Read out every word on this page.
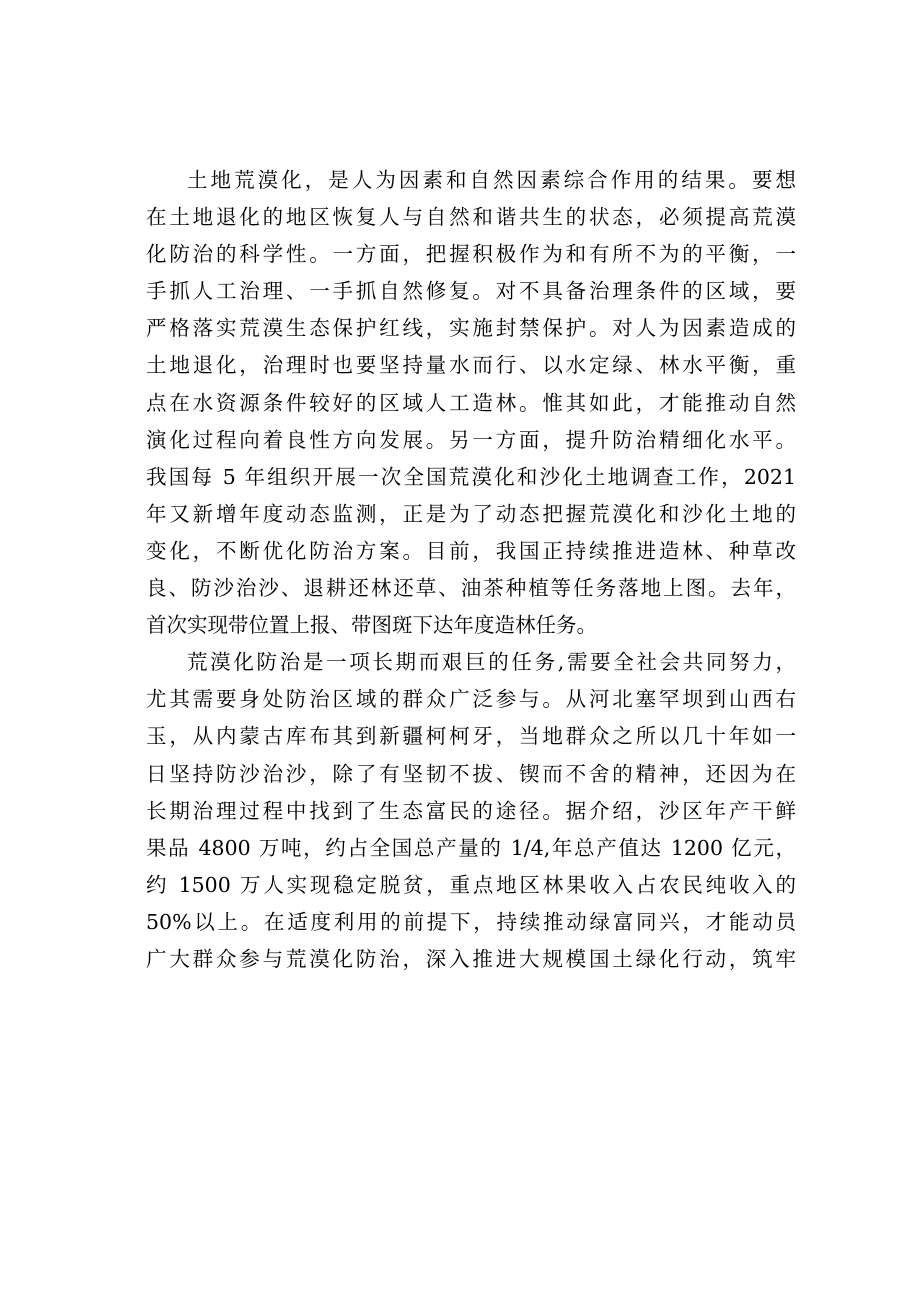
土地荒漠化，是人为因素和自然因素综合作用的结果。要想
在土地退化的地区恢复人与自然和谐共生的状态，必须提高荒漠
化防治的科学性。一方面，把握积极作为和有所不为的平衡，一
手抓人工治理、一手抓自然修复。对不具备治理条件的区域，要
严格落实荒漠生态保护红线，实施封禁保护。对人为因素造成的
土地退化，治理时也要坚持量水而行、以水定绿、林水平衡，重
点在水资源条件较好的区域人工造林。惟其如此，才能推动自然
演化过程向着良性方向发展。另一方面，提升防治精细化水平。
我国每 5 年组织开展一次全国荒漠化和沙化土地调查工作，2021
年又新增年度动态监测，正是为了动态把握荒漠化和沙化土地的
变化，不断优化防治方案。目前，我国正持续推进造林、种草改
良、防沙治沙、退耕还林还草、油茶种植等任务落地上图。去年，
首次实现带位置上报、带图斑下达年度造林任务。
荒漠化防治是一项长期而艰巨的任务,需要全社会共同努力，
尤其需要身处防治区域的群众广泛参与。从河北塞罕坝到山西右
玉，从内蒙古库布其到新疆柯柯牙，当地群众之所以几十年如一
日坚持防沙治沙，除了有坚韧不拔、锲而不舍的精神，还因为在
长期治理过程中找到了生态富民的途径。据介绍，沙区年产干鲜
果品 4800 万吨，约占全国总产量的 1/4,年总产值达 1200 亿元，
约 1500 万人实现稳定脱贫，重点地区林果收入占农民纯收入的
50%以上。在适度利用的前提下，持续推动绿富同兴，才能动员
广大群众参与荒漠化防治，深入推进大规模国土绿化行动，筑牢
